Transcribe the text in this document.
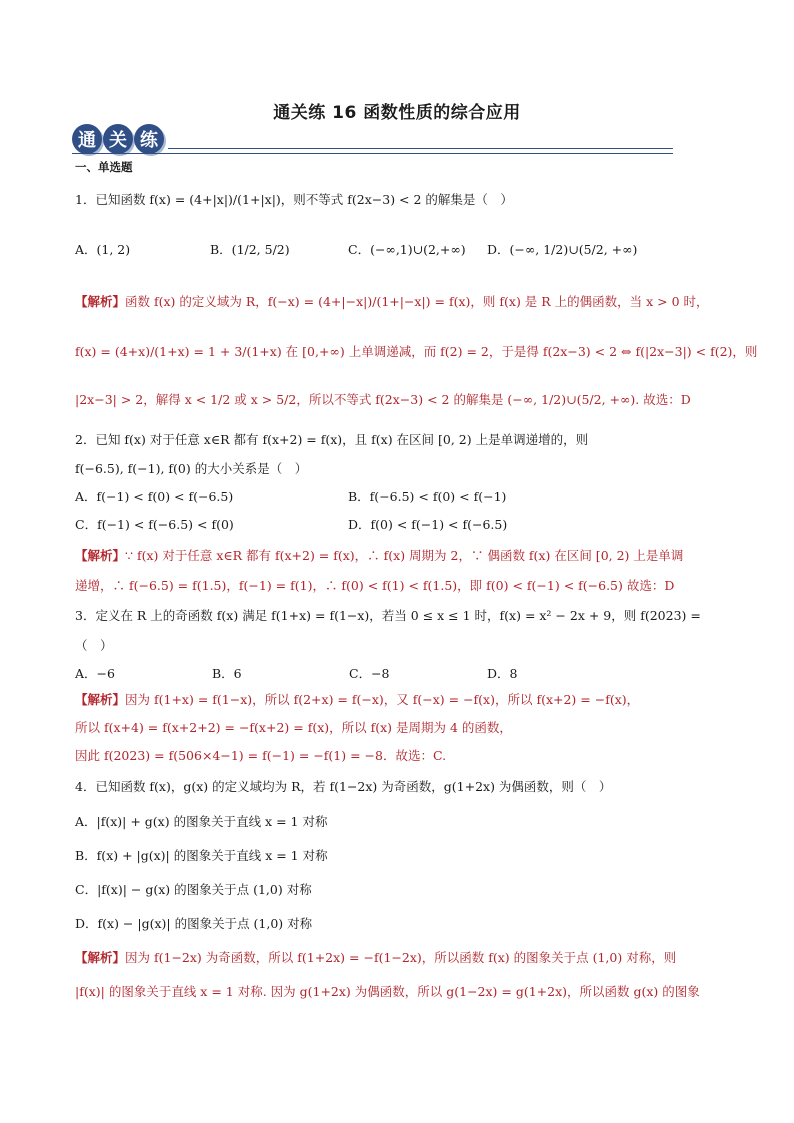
通关练 16 函数性质的综合应用
通 关 练
一、单选题
1．已知函数 f(x) = (4+|x|)/(1+|x|)，则不等式 f(2x−3) < 2 的解集是（　）
A．(1, 2)	B．(1/2, 5/2)	C．(−∞,1)∪(2,+∞) D．(−∞, 1/2)∪(5/2, +∞)
【解析】函数 f(x) 的定义域为 R，f(−x) = (4+|−x|)/(1+|−x|) = f(x)，则 f(x) 是 R 上的偶函数，当 x > 0 时，
f(x) = (4+x)/(1+x) = 1 + 3/(1+x) 在 [0,+∞) 上单调递减，而 f(2) = 2，于是得 f(2x−3) < 2 ⇔ f(|2x−3|) < f(2)，则
|2x−3| > 2，解得 x < 1/2 或 x > 5/2，所以不等式 f(2x−3) < 2 的解集是 (−∞, 1/2)∪(5/2, +∞). 故选：D
2．已知 f(x) 对于任意 x∈R 都有 f(x+2) = f(x)，且 f(x) 在区间 [0, 2) 上是单调递增的，则
f(−6.5), f(−1), f(0) 的大小关系是（　）
A．f(−1) < f(0) < f(−6.5)	B．f(−6.5) < f(0) < f(−1)
C．f(−1) < f(−6.5) < f(0)	D．f(0) < f(−1) < f(−6.5)
【解析】∵ f(x) 对于任意 x∈R 都有 f(x+2) = f(x)，∴ f(x) 周期为 2，∵ 偶函数 f(x) 在区间 [0, 2) 上是单调
递增，∴ f(−6.5) = f(1.5)，f(−1) = f(1)，∴ f(0) < f(1) < f(1.5)，即 f(0) < f(−1) < f(−6.5) 故选：D
3．定义在 R 上的奇函数 f(x) 满足 f(1+x) = f(1−x)，若当 0 ≤ x ≤ 1 时，f(x) = x² − 2x + 9，则 f(2023) =
（　）
A．−6	B．6	C．−8	D．8
【解析】因为 f(1+x) = f(1−x)，所以 f(2+x) = f(−x)，又 f(−x) = −f(x)，所以 f(x+2) = −f(x)，
所以 f(x+4) = f(x+2+2) = −f(x+2) = f(x)，所以 f(x) 是周期为 4 的函数，
因此 f(2023) = f(506×4−1) = f(−1) = −f(1) = −8．故选：C.
4．已知函数 f(x)，g(x) 的定义域均为 R，若 f(1−2x) 为奇函数，g(1+2x) 为偶函数，则（　）
A．|f(x)| + g(x) 的图象关于直线 x = 1 对称
B．f(x) + |g(x)| 的图象关于直线 x = 1 对称
C．|f(x)| − g(x) 的图象关于点 (1,0) 对称
D．f(x) − |g(x)| 的图象关于点 (1,0) 对称
【解析】因为 f(1−2x) 为奇函数，所以 f(1+2x) = −f(1−2x)，所以函数 f(x) 的图象关于点 (1,0) 对称，则
|f(x)| 的图象关于直线 x = 1 对称. 因为 g(1+2x) 为偶函数，所以 g(1−2x) = g(1+2x)，所以函数 g(x) 的图象
